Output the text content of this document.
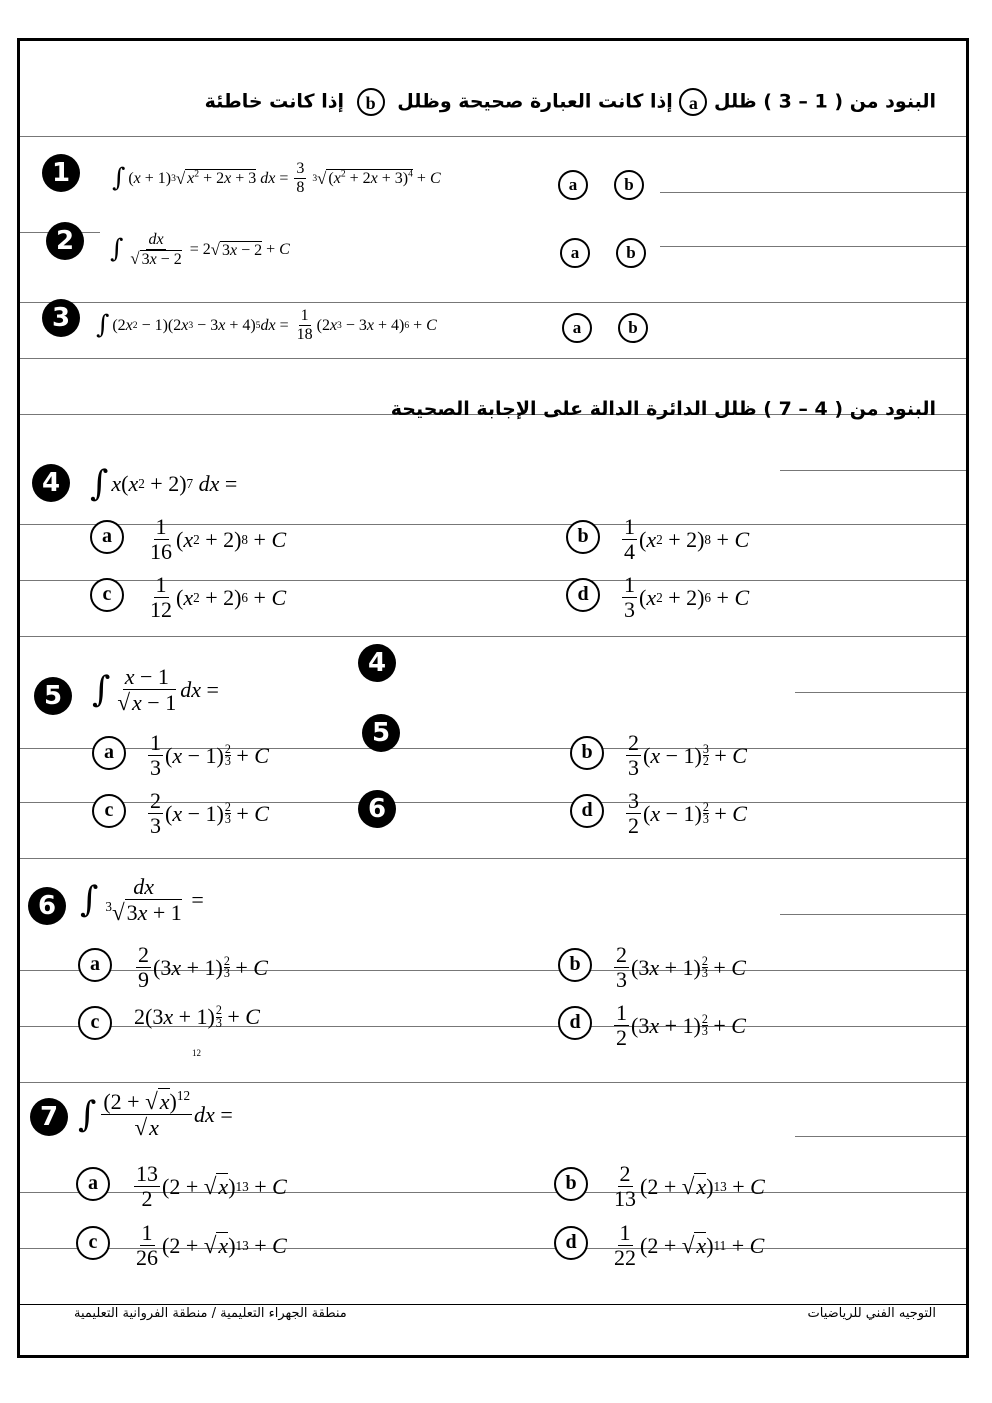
البنود من ( 1 – 3 ) ظلل a إذا كانت العبارة صحيحة وظلل b إذا كانت خاطئة
1	∫ ( x + 1) 3 √ $x^2 + 2x + 3$
dx = $\frac{3}{8}$
3 √ $(x^2 + 2x + 3)^4 + C$	a	b
2	∫ $\frac{dx}{√ 3x - 2} = 2$ √ 3x − 2 + C	a	b
3	∫ (2 x 2 − 1)(2 x 3 − 3 x + 4) 5 dx = $\frac{1}{18} (2$ x 3 − 3 x + 4) 6 + C	a	b
البنود من ( 4 – 7 ) ظلل الدائرة الدالة على الإجابة الصحيحة
4 ∫ x ( x 2 + 2) 7
dx =
a	$\frac{1}{16}$ ( x 2 + 2) 8 + C	b	$\frac{1}{4}$ ( x 2 + 2) 8 + C
c	$\frac{1}{12}$ ( x 2 + 2) 6 + C	d	$\frac{1}{3}$ ( x 2 + 2) 6 + C
4
5
6
5 ∫ $\frac{x - 1}{√x - 1}$ dx =
a	$\frac{1}{3}$ ( x − 1) 2
3 + C	b	$\frac{2}{3}$ ( x − 1) 3
2 + C
c	$\frac{2}{3}$ ( x − 1) 2
3 + C	d	$\frac{3}{2}$ ( x − 1) 2
3 + C
6 ∫ $\frac{dx}{^3√3x + 1}$ =
a	$\frac{2}{9} (3$ x + 1) 2
3 + C	b	$\frac{2}{3} (3$ x + 1) 2
3 + C
c	2(3 x + 1) 2
3 + C	d	$\frac{1}{2} (3$ x + 1) 2
3 + C
12
7 ∫ $\frac{(2 + √x)^{12}}{√x}$ dx =
a	$\frac{13}{2} (2$ + √ x ) 13 + C	b	$\frac{2}{13} (2$ + √ x ) 13 + C
c	$\frac{1}{26} (2$ + √ x ) 13 + C	d	$\frac{1}{22} (2$ + √ x ) 11 + C
التوجيه الفني للرياضيات
منطقة الجهراء التعليمية / منطقة الفروانية التعليمية
